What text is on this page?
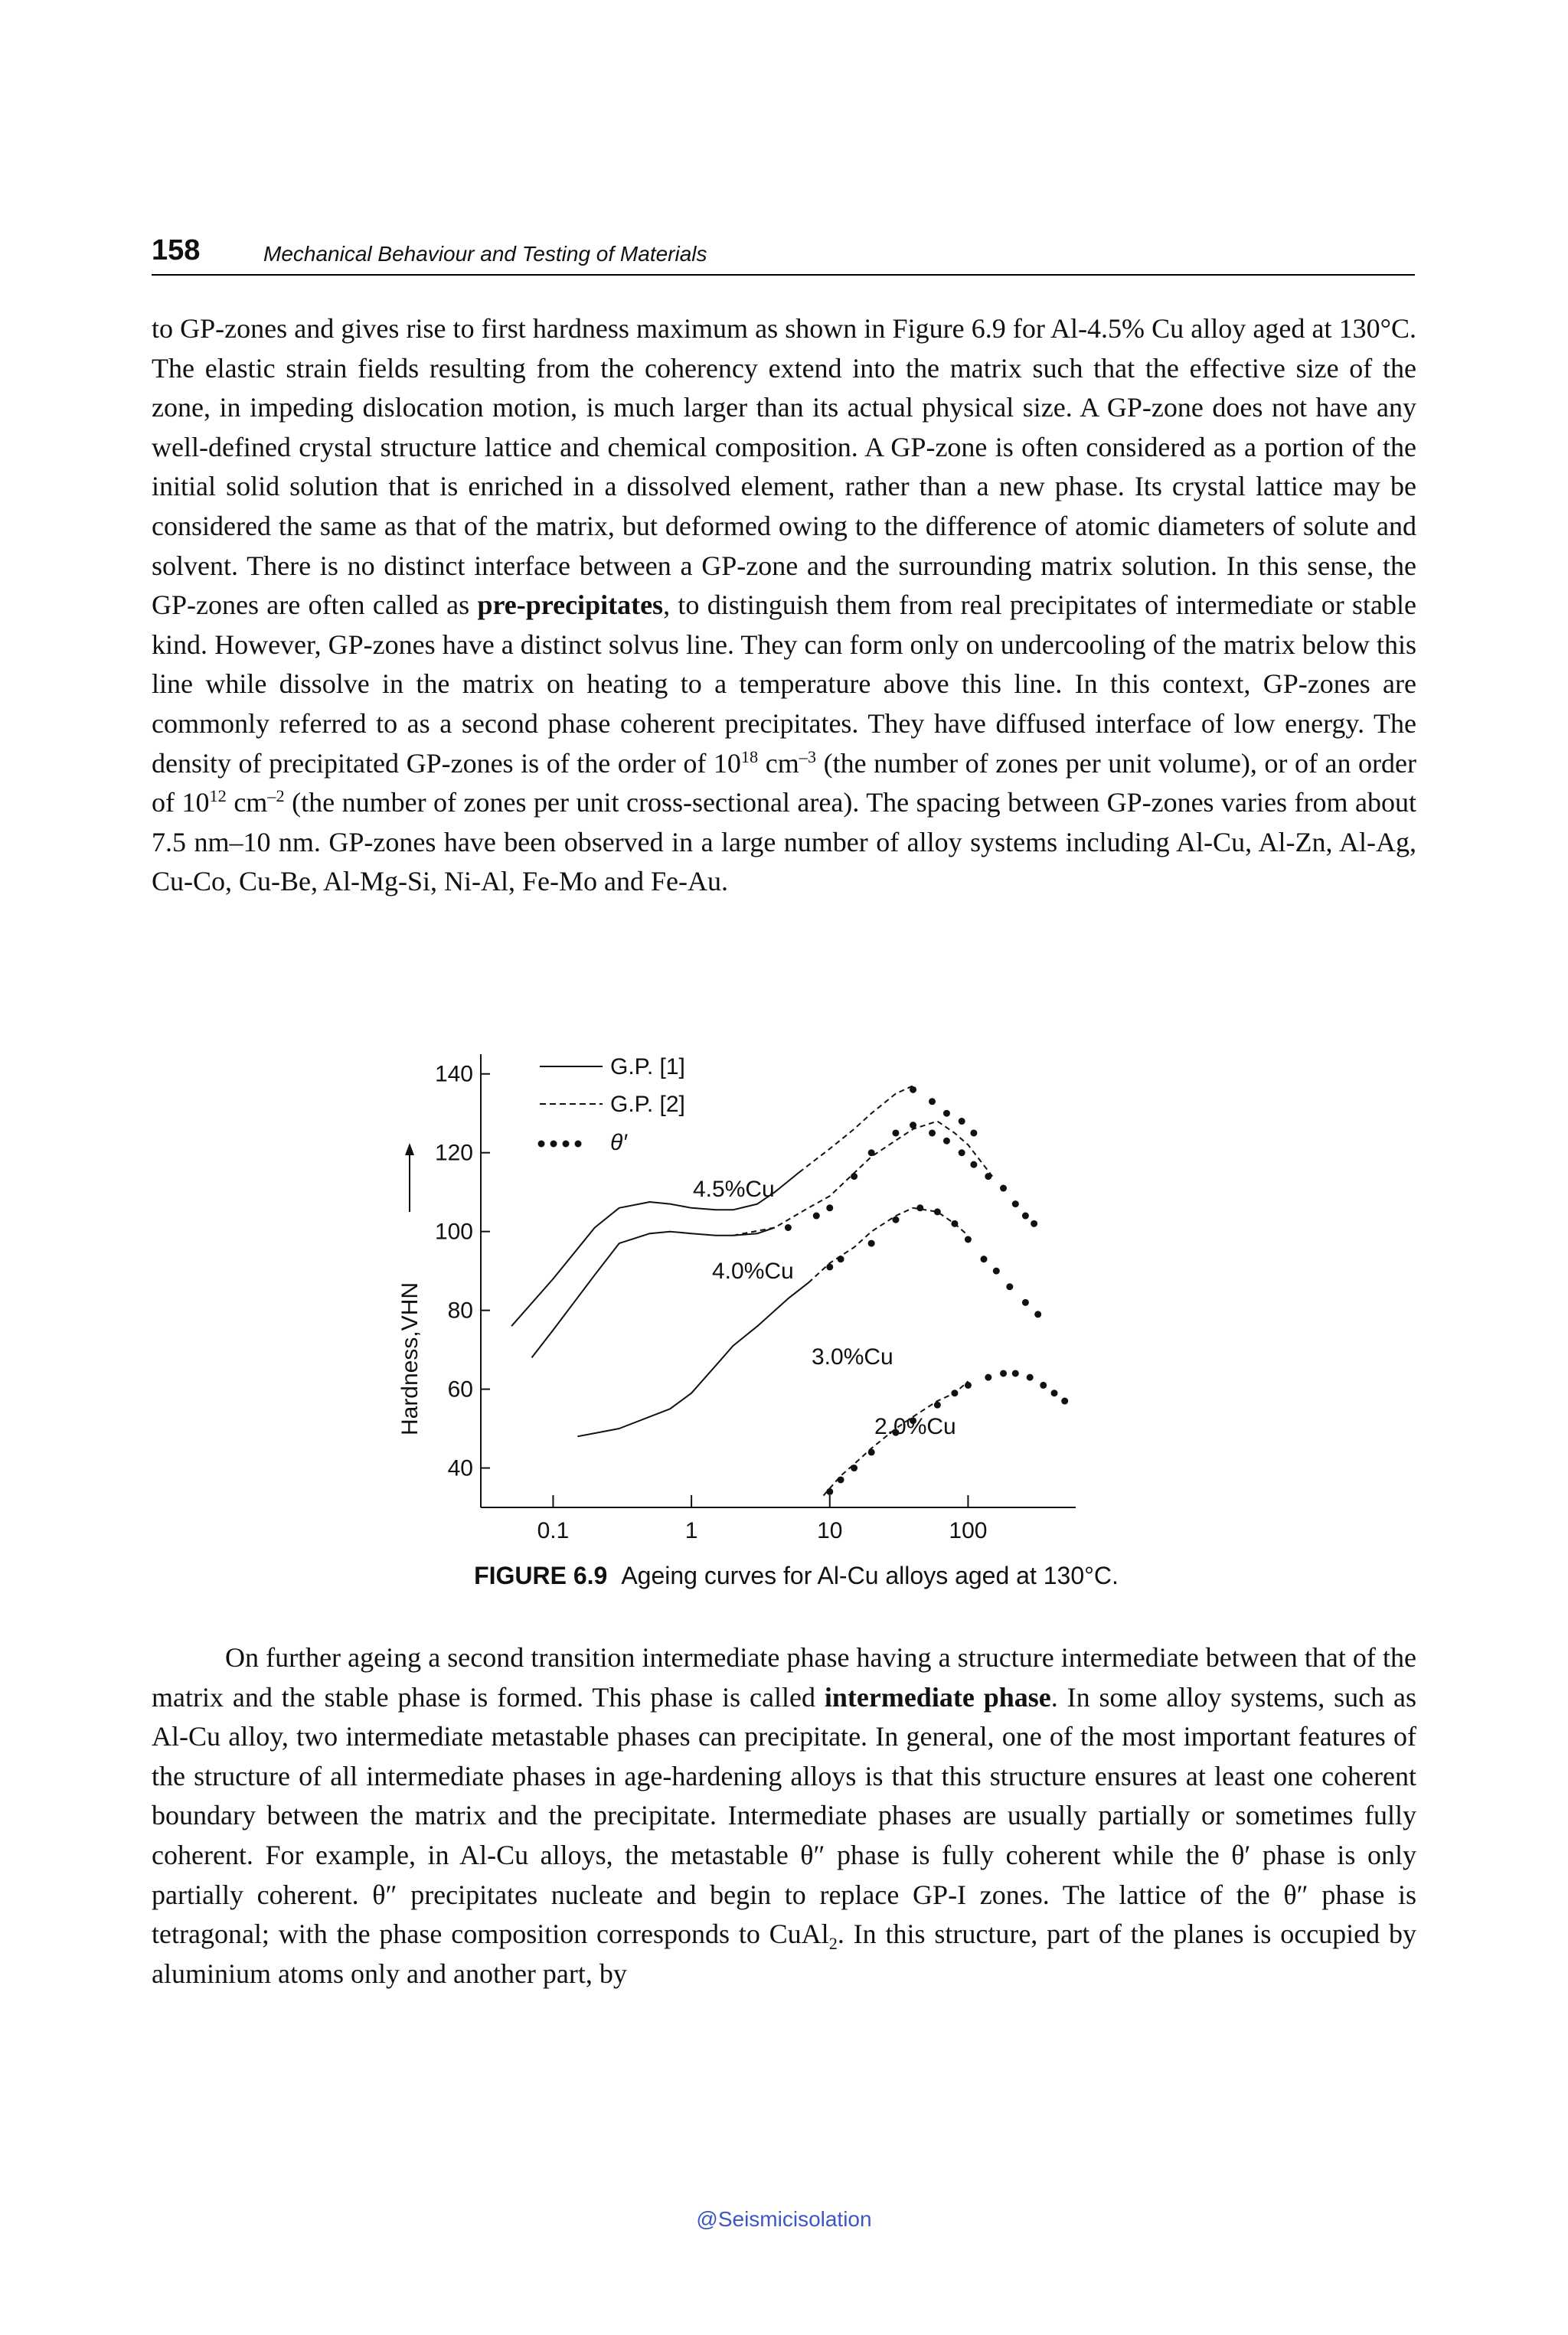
158	Mechanical Behaviour and Testing of Materials

to GP-zones and gives rise to first hardness maximum as shown in Figure 6.9 for Al-4.5% Cu alloy aged at 130°C. The elastic strain fields resulting from the coherency extend into the matrix such that the effective size of the zone, in impeding dislocation motion, is much larger than its actual physical size. A GP-zone does not have any well-defined crystal structure lattice and chemical composition. A GP-zone is often considered as a portion of the initial solid solution that is enriched in a dissolved element, rather than a new phase. Its crystal lattice may be considered the same as that of the matrix, but deformed owing to the difference of atomic diameters of solute and solvent. There is no distinct interface between a GP-zone and the surrounding matrix solution. In this sense, the GP-zones are often called as pre-precipitates, to distinguish them from real precipitates of intermediate or stable kind. However, GP-zones have a distinct solvus line. They can form only on undercooling of the matrix below this line while dissolve in the matrix on heating to a temperature above this line. In this context, GP-zones are commonly referred to as a second phase coherent precipitates. They have diffused interface of low energy. The density of precipitated GP-zones is of the order of $10^{18}$ $cm^{-3}$ (the number of zones per unit volume), or of an order of $10^{12}$ $cm^{-2}$ (the number of zones per unit cross-sectional area). The spacing between GP-zones varies from about 7.5 nm–10 nm. GP-zones have been observed in a large number of alloy systems including Al-Cu, Al-Zn, Al-Ag, Cu-Co, Cu-Be, Al-Mg-Si, Ni-Al, Fe-Mo and Fe-Au.

40
60
80
100
120
140
0.1	1	10	100
Hardness,VHN
4.5%Cu
4.0%Cu
3.0%Cu
2.0%Cu
G.P. [1]
G.P. [2]
θ′
FIGURE 6.9 Ageing curves for Al-Cu alloys aged at 130°C.

On further ageing a second transition intermediate phase having a structure intermediate between that of the matrix and the stable phase is formed. This phase is called intermediate phase. In some alloy systems, such as Al-Cu alloy, two intermediate metastable phases can precipitate. In general, one of the most important features of the structure of all intermediate phases in age-hardening alloys is that this structure ensures at least one coherent boundary between the matrix and the precipitate. Intermediate phases are usually partially or sometimes fully coherent. For example, in Al-Cu alloys, the metastable θ″ phase is fully coherent while the θ′ phase is only partially coherent. θ″ precipitates nucleate and begin to replace GP-I zones. The lattice of the θ″ phase is tetragonal; with the phase composition corresponds to CuAl$_2$. In this structure, part of the planes is occupied by aluminium atoms only and another part, by

@Seismicisolation
